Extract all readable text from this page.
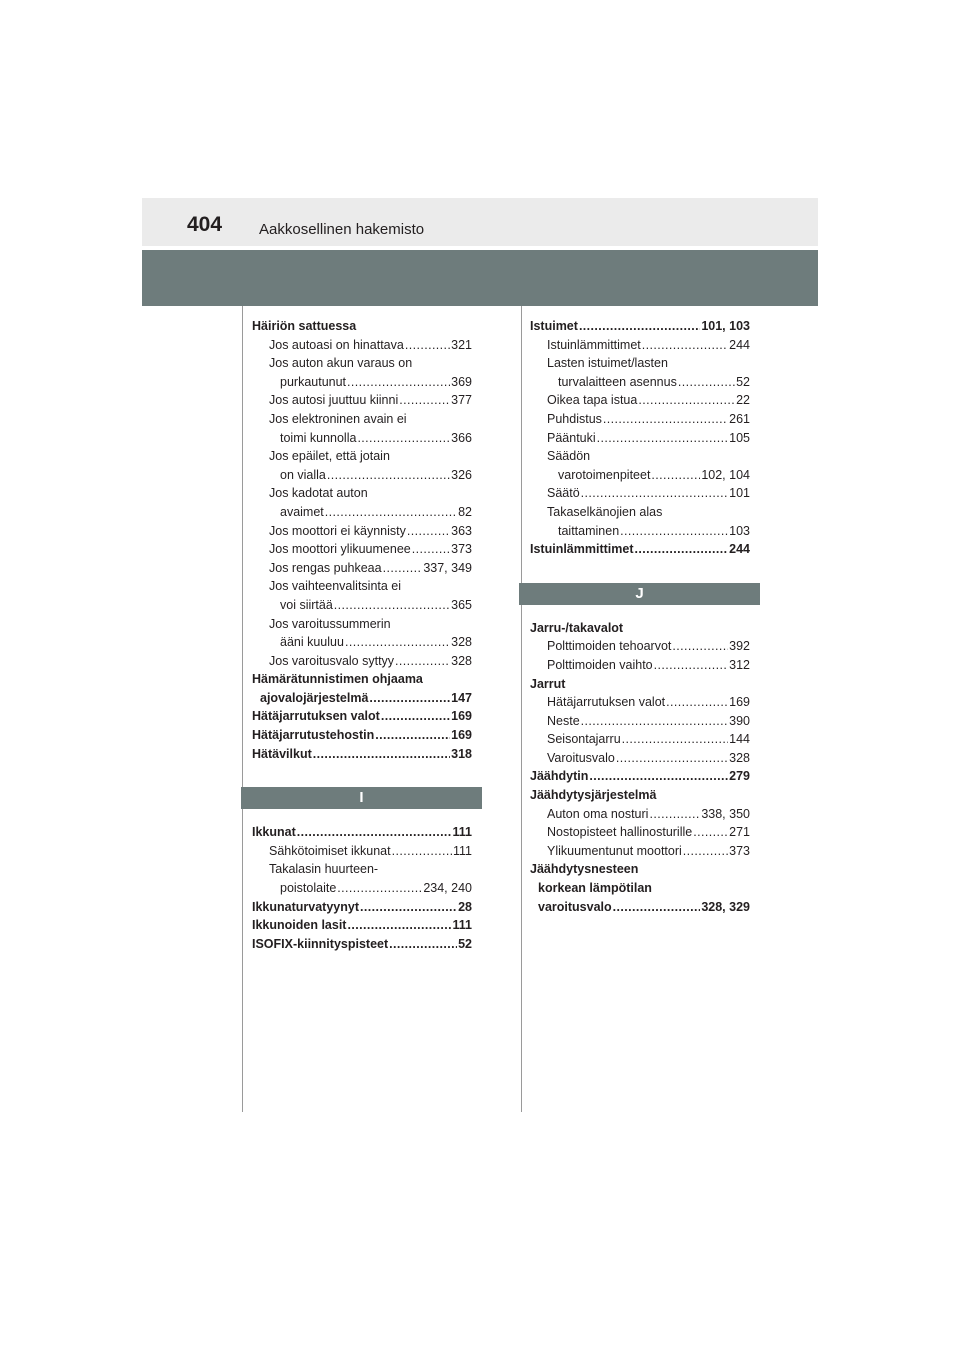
404 Aakkosellinen hakemisto
Häiriön sattuessa
Jos autoasi on hinattava .....	321
Jos auton akun varaus on
purkautunut .....	369
Jos autosi juuttuu kiinni .....	377
Jos elektroninen avain ei
toimi kunnolla .....	366
Jos epäilet, että jotain
on vialla .....	326
Jos kadotat auton
avaimet .....	82
Jos moottori ei käynnisty .....	363
Jos moottori ylikuumenee .....	373
Jos rengas puhkeaa .....	337, 349
Jos vaihteenvalitsinta ei
voi siirtää .....	365
Jos varoitussummerin
ääni kuuluu .....	328
Jos varoitusvalo syttyy .....	328
Hämärätunnistimen ohjaama
ajovalojärjestelmä .....	147
Hätäjarrutuksen valot .....	169
Hätäjarrutustehostin .....	169
Hätävilkut .....	318
I
Ikkunat .....	111
Sähkötoimiset ikkunat .....	111
Takalasin huurteen-
poistolaite .....	234, 240
Ikkunaturvatyynyt .....	28
Ikkunoiden lasit .....	111
ISOFIX-kiinnityspisteet .....	52
Istuimet .....	101, 103
Istuinlämmittimet .....	244
Lasten istuimet/lasten
turvalaitteen asennus .....	52
Oikea tapa istua .....	22
Puhdistus .....	261
Pääntuki .....	105
Säädön
varotoimenpiteet .....	102, 104
Säätö .....	101
Takaselkänojien alas
taittaminen .....	103
Istuinlämmittimet .....	244
J
Jarru-/takavalot
Polttimoiden tehoarvot .....	392
Polttimoiden vaihto .....	312
Jarrut
Hätäjarrutuksen valot .....	169
Neste .....	390
Seisontajarru .....	144
Varoitusvalo .....	328
Jäähdytin .....	279
Jäähdytysjärjestelmä
Auton oma nosturi .....	338, 350
Nostopisteet hallinosturille .....	271
Ylikuumentunut moottori .....	373
Jäähdytysnesteen
korkean lämpötilan
varoitusvalo .....	328, 329
